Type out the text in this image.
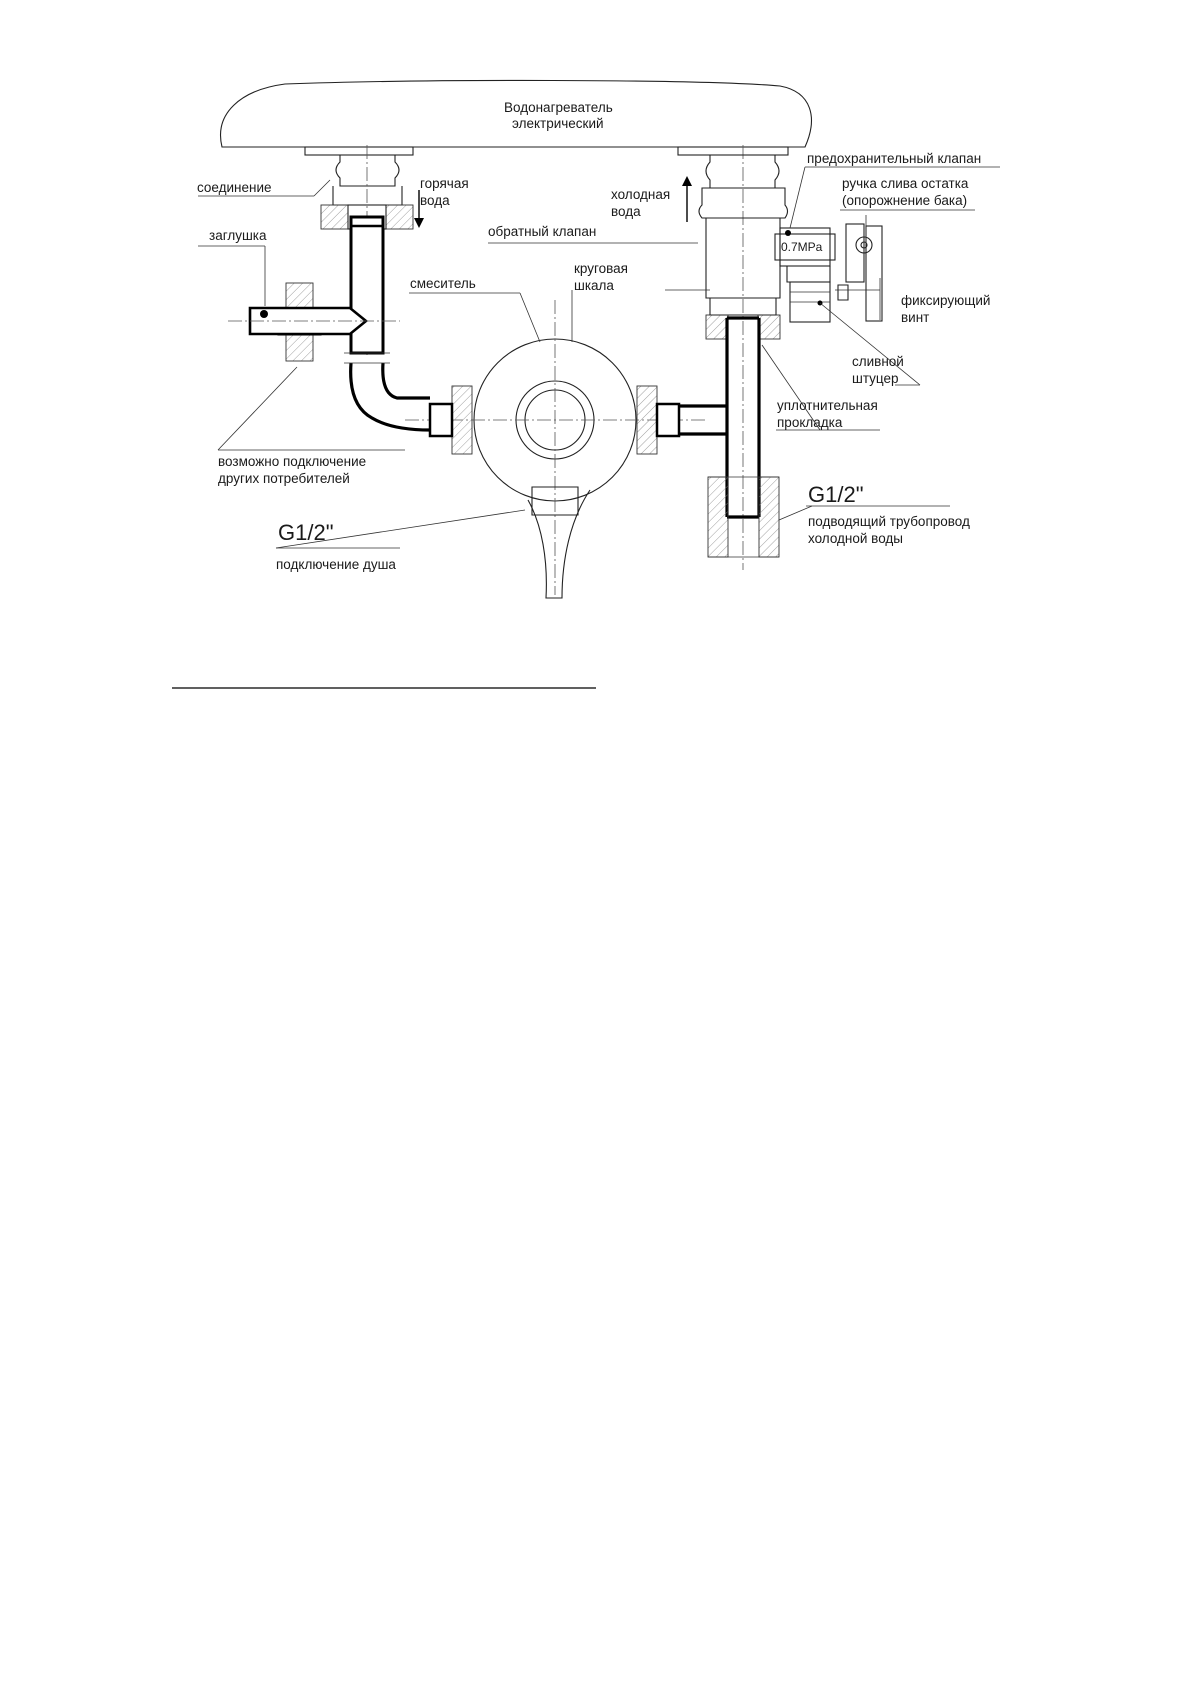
Водонагреватель
электрический
0.7MPa
соединение	горячая
вода	холодная
вода
предохранительный клапан
ручка слива остатка
(опорожнение бака)
заглушка	обратный клапан
смеситель
круговая
шкала
фиксирующий
винт
сливной
штуцер
уплотнительная
прокладка
возможно подключение
других потребителей
G1/2"
подводящий трубопровод
холодной воды
G1/2"
подключение душа
